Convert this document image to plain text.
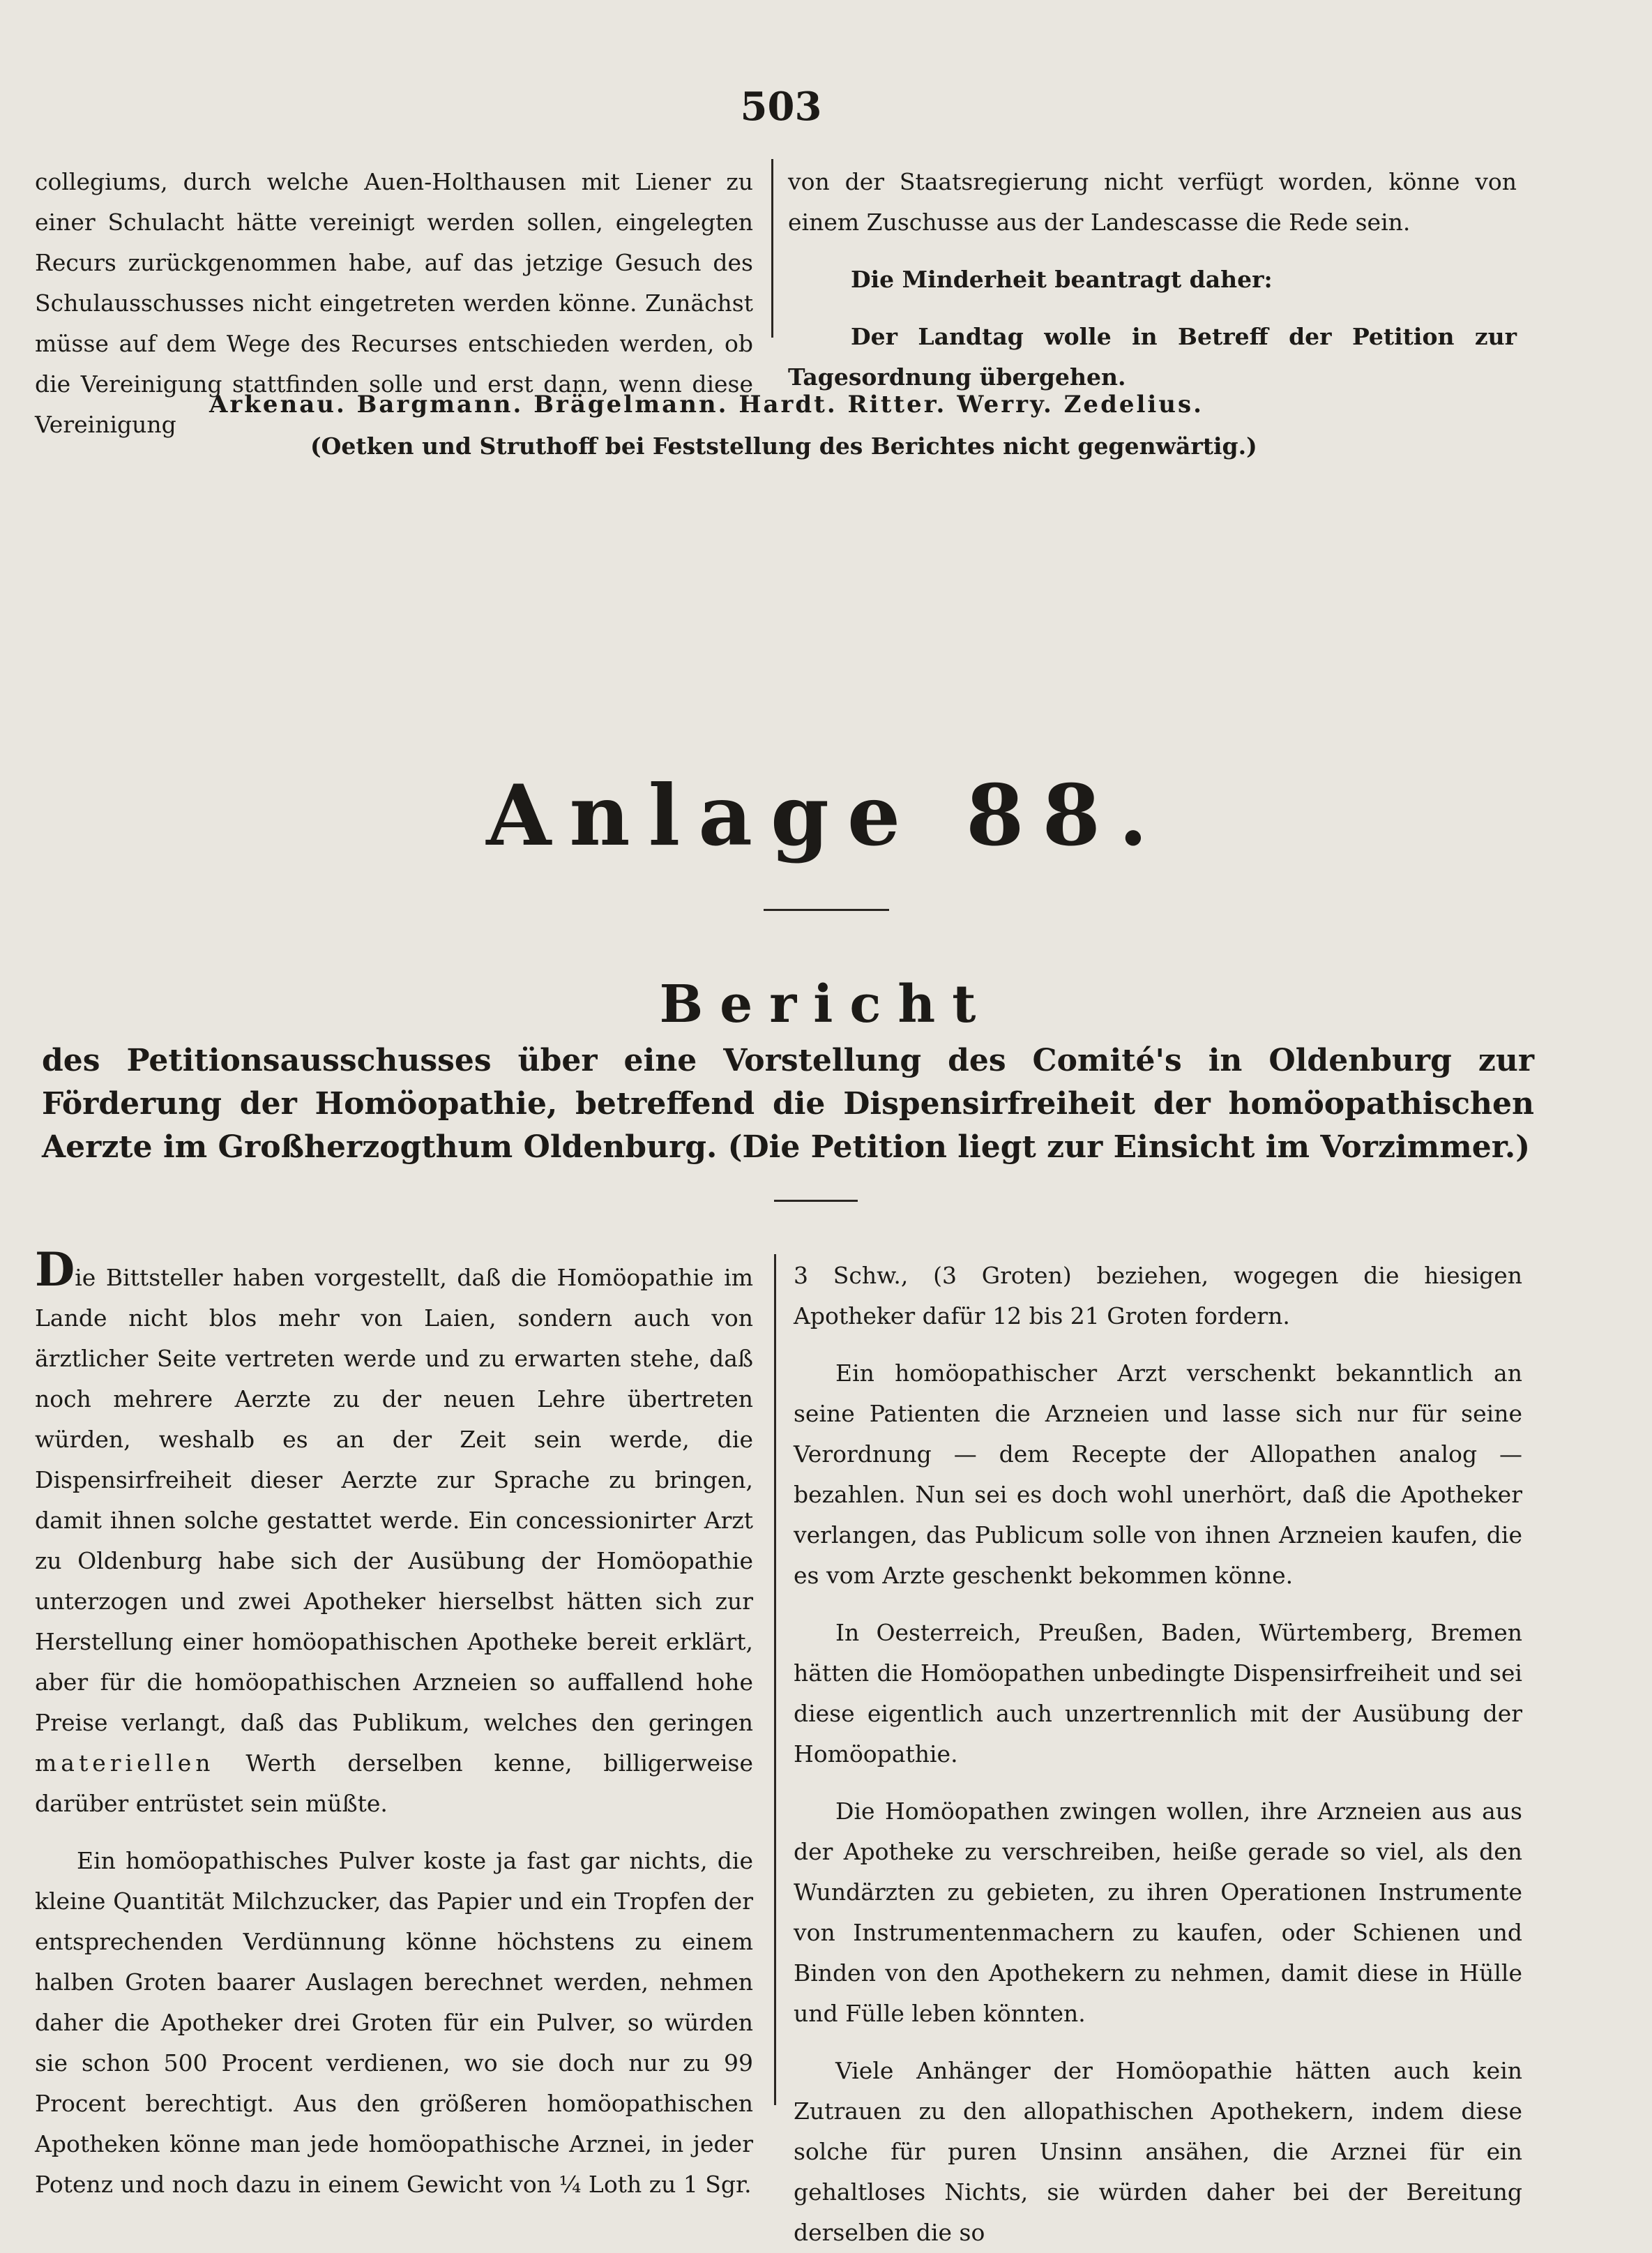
503

collegiums, durch welche Auen-Holthausen mit Liener zu einer Schulacht hätte vereinigt werden sollen, eingelegten Recurs zurückgenommen habe, auf das jetzige Gesuch des Schulausschusses nicht eingetreten werden könne. Zunächst müsse auf dem Wege des Recurses entschieden werden, ob die Vereinigung stattfinden solle und erst dann, wenn diese Vereinigung

von der Staatsregierung nicht verfügt worden, könne von einem Zuschusse aus der Landescasse die Rede sein.

Die Minderheit beantragt daher:

Der Landtag wolle in Betreff der Petition zur Tagesordnung übergehen.

Arkenau. Bargmann. Brägelmann. Hardt. Ritter. Werry. Zedelius.
(Oetken und Struthoff bei Feststellung des Berichtes nicht gegenwärtig.)
Anlage 88.
Bericht
des Petitionsausschusses über eine Vorstellung des Comité's in Oldenburg zur Förderung der Homöopathie, betreffend die Dispensirfreiheit der homöopathischen Aerzte im Großherzogthum Oldenburg. (Die Petition liegt zur Einsicht im Vorzimmer.)

Die Bittsteller haben vorgestellt, daß die Homöopathie im Lande nicht blos mehr von Laien, sondern auch von ärztlicher Seite vertreten werde und zu erwarten stehe, daß noch mehrere Aerzte zu der neuen Lehre übertreten würden, weshalb es an der Zeit sein werde, die Dispensirfreiheit dieser Aerzte zur Sprache zu bringen, damit ihnen solche gestattet werde. Ein concessionirter Arzt zu Oldenburg habe sich der Ausübung der Homöopathie unterzogen und zwei Apotheker hierselbst hätten sich zur Herstellung einer homöopathischen Apotheke bereit erklärt, aber für die homöopathischen Arzneien so auffallend hohe Preise verlangt, daß das Publikum, welches den geringen materiellen Werth derselben kenne, billigerweise darüber entrüstet sein müßte.

Ein homöopathisches Pulver koste ja fast gar nichts, die kleine Quantität Milchzucker, das Papier und ein Tropfen der entsprechenden Verdünnung könne höchstens zu einem halben Groten baarer Auslagen berechnet werden, nehmen daher die Apotheker drei Groten für ein Pulver, so würden sie schon 500 Procent verdienen, wo sie doch nur zu 99 Procent berechtigt. Aus den größeren homöopathischen Apotheken könne man jede homöopathische Arznei, in jeder Potenz und noch dazu in einem Gewicht von ¼ Loth zu 1 Sgr.

3 Schw., (3 Groten) beziehen, wogegen die hiesigen Apotheker dafür 12 bis 21 Groten fordern.

Ein homöopathischer Arzt verschenkt bekanntlich an seine Patienten die Arzneien und lasse sich nur für seine Verordnung — dem Recepte der Allopathen analog — bezahlen. Nun sei es doch wohl unerhört, daß die Apotheker verlangen, das Publicum solle von ihnen Arzneien kaufen, die es vom Arzte geschenkt bekommen könne.

In Oesterreich, Preußen, Baden, Würtemberg, Bremen hätten die Homöopathen unbedingte Dispensirfreiheit und sei diese eigentlich auch unzertrennlich mit der Ausübung der Homöopathie.

Die Homöopathen zwingen wollen, ihre Arzneien aus aus der Apotheke zu verschreiben, heiße gerade so viel, als den Wundärzten zu gebieten, zu ihren Operationen Instrumente von Instrumentenmachern zu kaufen, oder Schienen und Binden von den Apothekern zu nehmen, damit diese in Hülle und Fülle leben könnten.

Viele Anhänger der Homöopathie hätten auch kein Zutrauen zu den allopathischen Apothekern, indem diese solche für puren Unsinn ansähen, die Arznei für ein gehaltloses Nichts, sie würden daher bei der Bereitung derselben die so
